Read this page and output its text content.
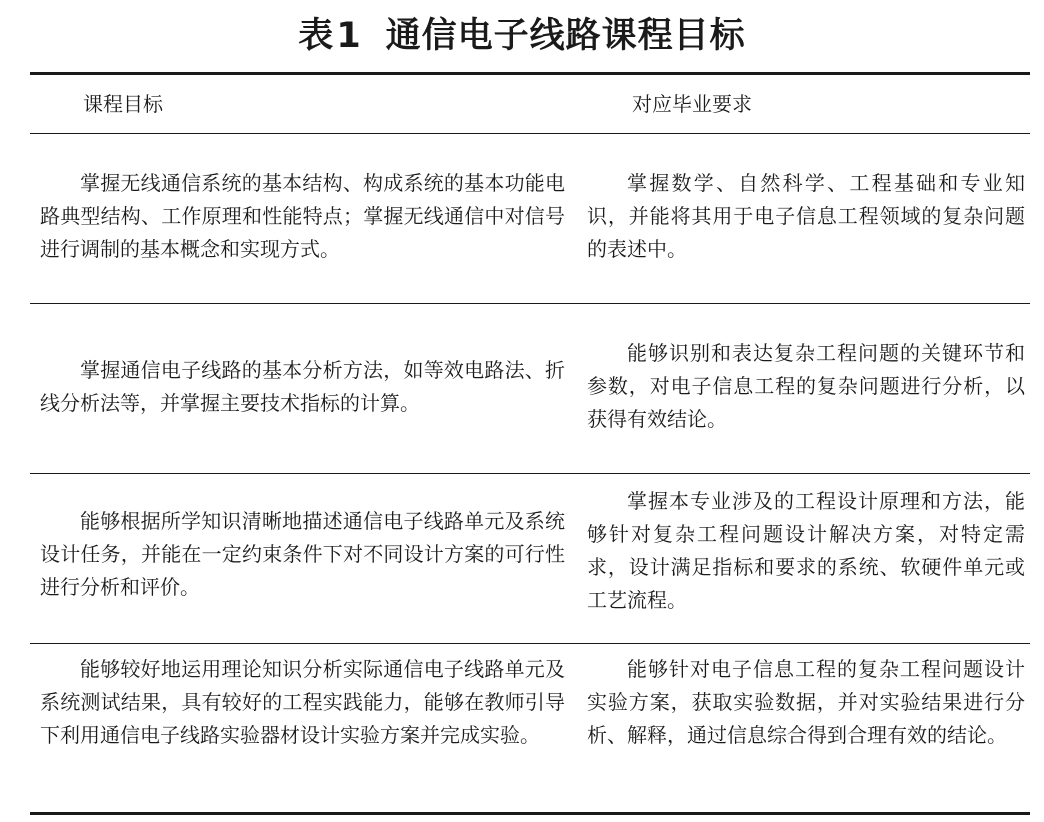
表1 通信电子线路课程目标
课程目标	对应毕业要求
掌握无线通信系统的基本结构、构成系统的基本功能电路典型结构、工作原理和性能特点；掌握无线通信中对信号进行调制的基本概念和实现方式。
掌握数学、自然科学、工程基础和专业知识，并能将其用于电子信息工程领域的复杂问题的表述中。
掌握通信电子线路的基本分析方法，如等效电路法、折线分析法等，并掌握主要技术指标的计算。
能够识别和表达复杂工程问题的关键环节和参数，对电子信息工程的复杂问题进行分析，以获得有效结论。
能够根据所学知识清晰地描述通信电子线路单元及系统设计任务，并能在一定约束条件下对不同设计方案的可行性进行分析和评价。
掌握本专业涉及的工程设计原理和方法，能够针对复杂工程问题设计解决方案，对特定需求，设计满足指标和要求的系统、软硬件单元或工艺流程。
能够较好地运用理论知识分析实际通信电子线路单元及系统测试结果，具有较好的工程实践能力，能够在教师引导下利用通信电子线路实验器材设计实验方案并完成实验。
能够针对电子信息工程的复杂工程问题设计实验方案，获取实验数据，并对实验结果进行分析、解释，通过信息综合得到合理有效的结论。
